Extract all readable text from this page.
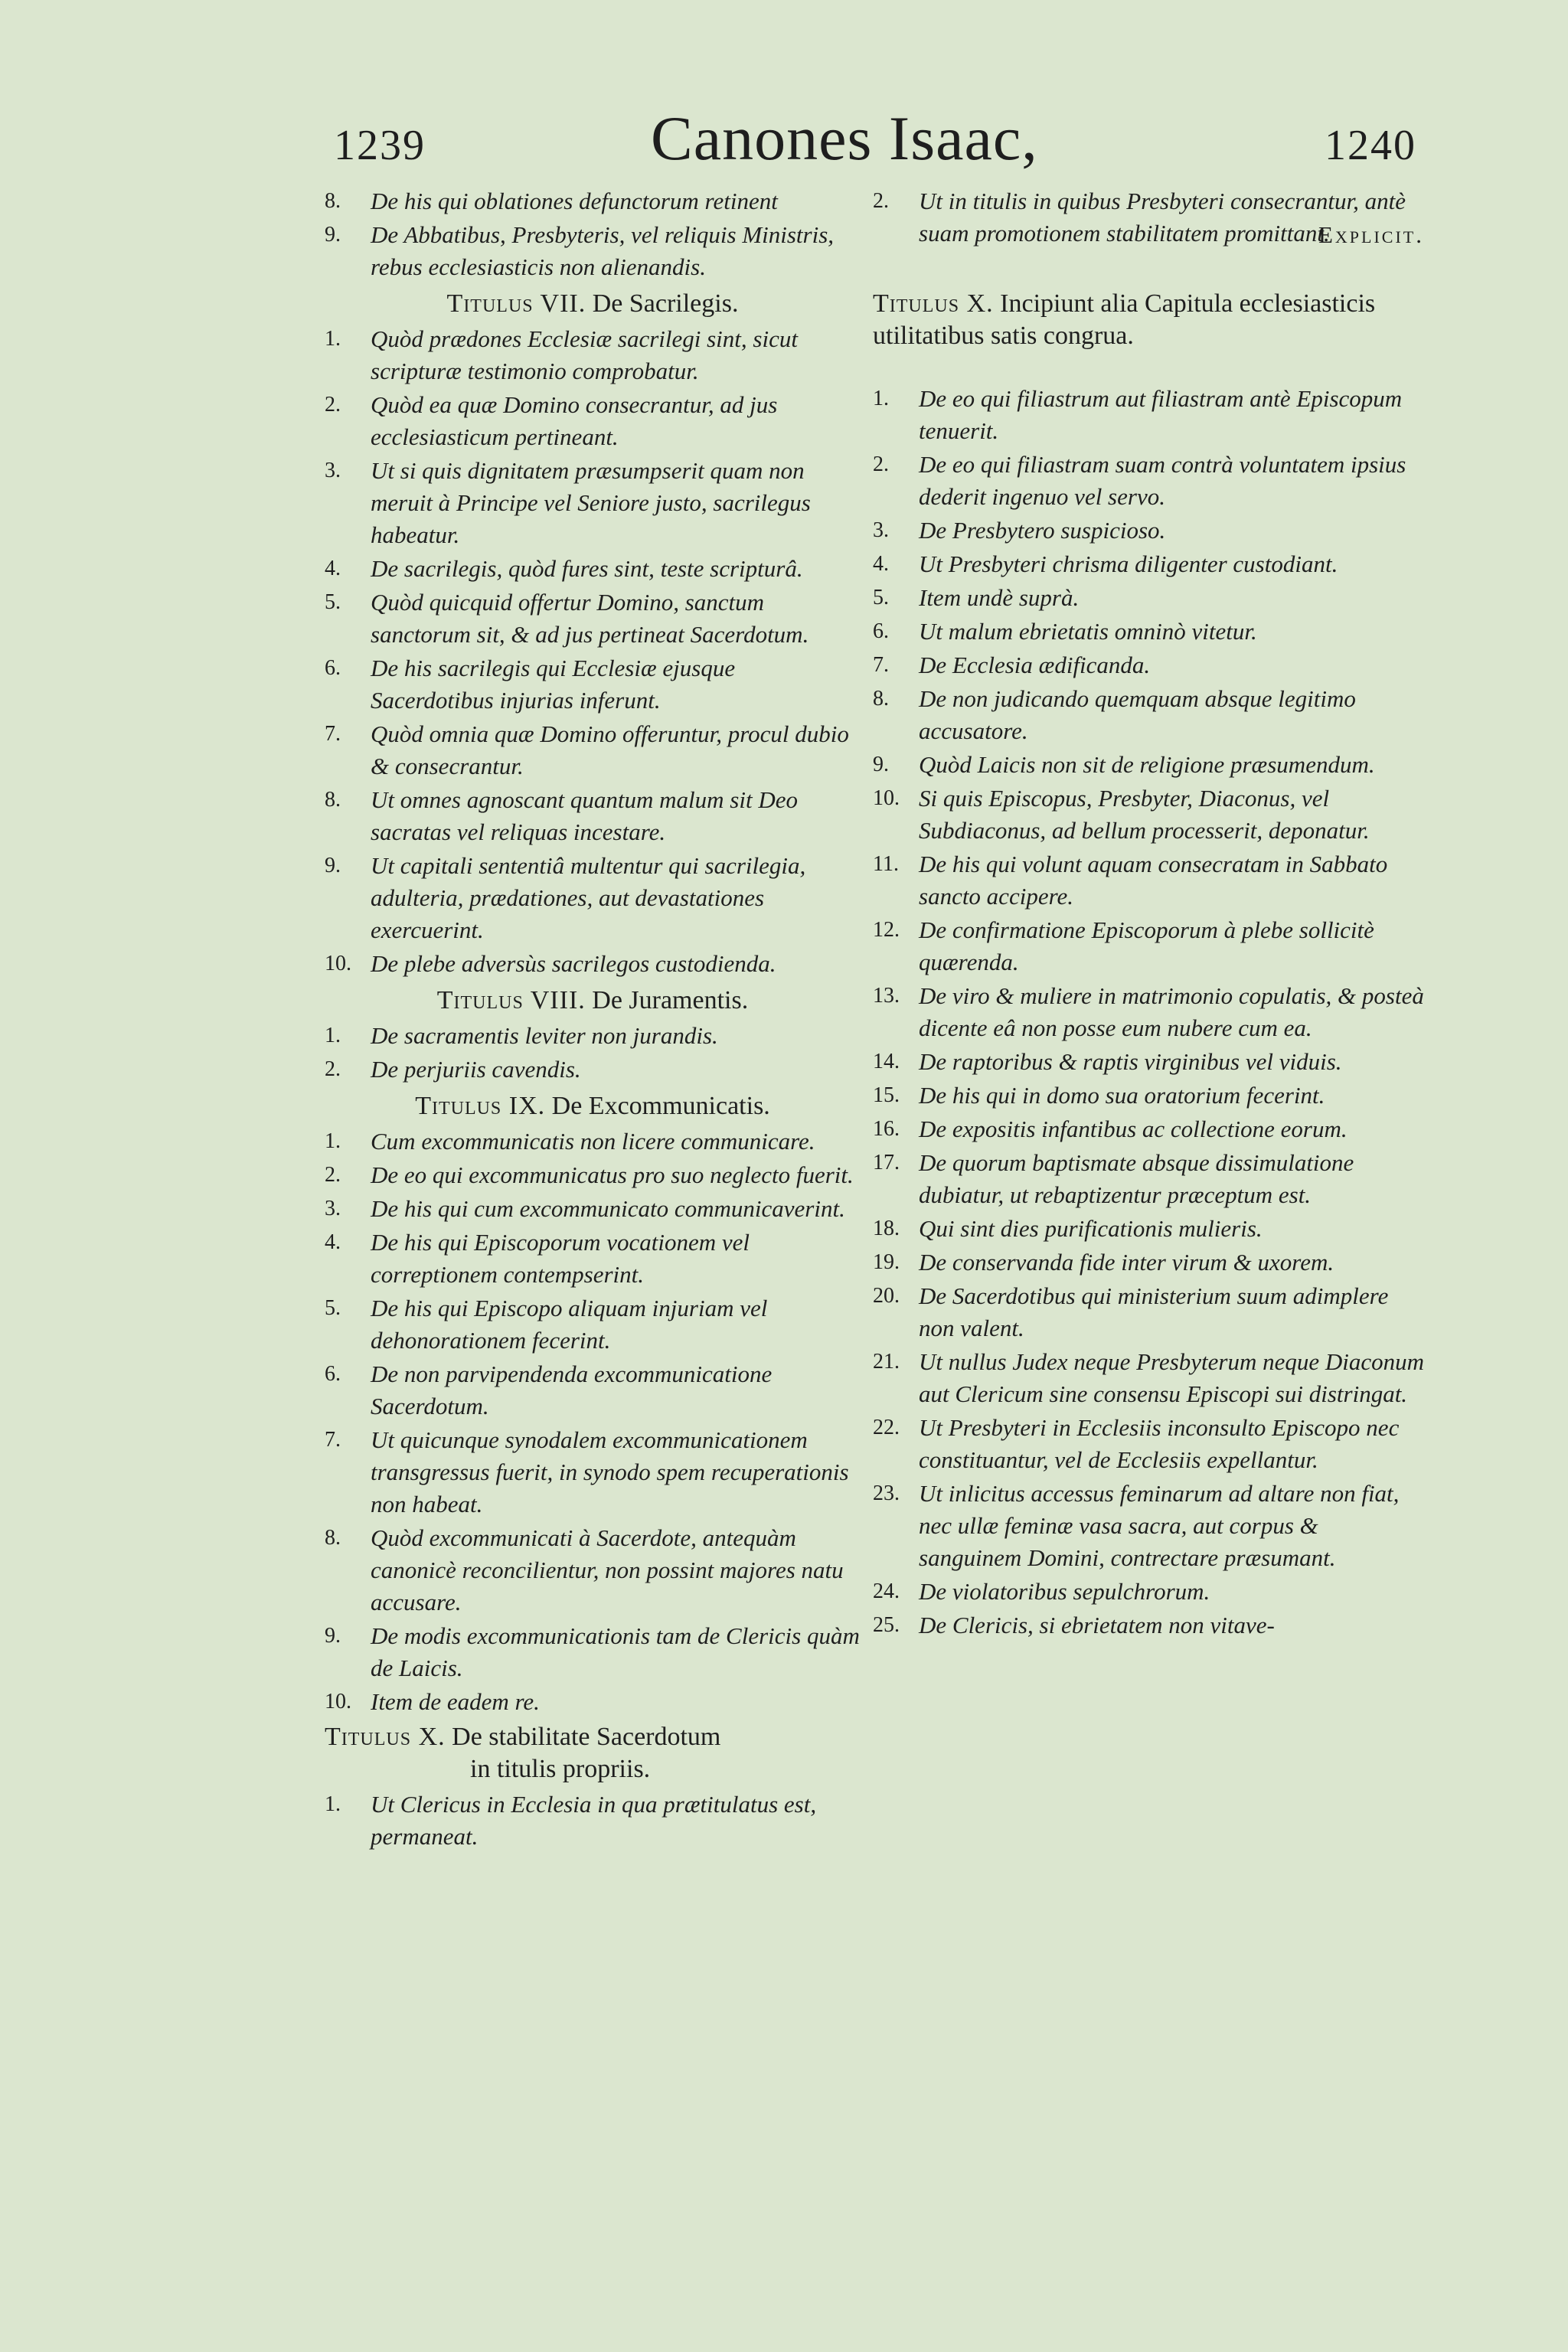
1239	Canones Isaac,	1240
8. De his qui oblationes defunctorum retinent
9. De Abbatibus, Presbyteris, vel reliquis Ministris, rebus ecclesiasticis non alienandis.
Titulus VII. De Sacrilegis.
1. Quòd prædones Ecclesiæ sacrilegi sint, sicut scripturæ testimonio comprobatur.
2. Quòd ea quæ Domino consecrantur, ad jus ecclesiasticum pertineant.
3. Ut si quis dignitatem præsumpserit quam non meruit à Principe vel Seniore justo, sacrilegus habeatur.
4. De sacrilegis, quòd fures sint, teste scripturâ.
5. Quòd quicquid offertur Domino, sanctum sanctorum sit, & ad jus pertineat Sacerdotum.
6. De his sacrilegis qui Ecclesiæ ejusque Sacerdotibus injurias inferunt.
7. Quòd omnia quæ Domino offeruntur, procul dubio & consecrantur.
8. Ut omnes agnoscant quantum malum sit Deo sacratas vel reliquas incestare.
9. Ut capitali sententiâ multentur qui sacrilegia, adulteria, prædationes, aut devastationes exercuerint.
10. De plebe adversùs sacrilegos custodienda.
Titulus VIII. De Juramentis.
1. De sacramentis leviter non jurandis.
2. De perjuriis cavendis.
Titulus IX. De Excommunicatis.
1. Cum excommunicatis non licere communicare.
2. De eo qui excommunicatus pro suo neglecto fuerit.
3. De his qui cum excommunicato communicaverint.
4. De his qui Episcoporum vocationem vel correptionem contempserint.
5. De his qui Episcopo aliquam injuriam vel dehonorationem fecerint.
6. De non parvipendenda excommunicatione Sacerdotum.
7. Ut quicunque synodalem excommunicationem transgressus fuerit, in synodo spem recuperationis non habeat.
8. Quòd excommunicati à Sacerdote, antequàm canonicè reconcilientur, non possint majores natu accusare.
9. De modis excommunicationis tam de Clericis quàm de Laicis.
10. Item de eadem re.
Titulus X. De stabilitate Sacerdotum
in titulis propriis.
1. Ut Clericus in Ecclesia in qua prætitulatus est, permaneat.
2. Ut in titulis in quibus Presbyteri consecrantur, antè suam promotionem stabilitatem promittant.
Explicit.
Titulus X. Incipiunt alia Capitula ecclesiasticis utilitatibus satis congrua.
1. De eo qui filiastrum aut filiastram antè Episcopum tenuerit.
2. De eo qui filiastram suam contrà voluntatem ipsius dederit ingenuo vel servo.
3. De Presbytero suspicioso.
4. Ut Presbyteri chrisma diligenter custodiant.
5. Item undè suprà.
6. Ut malum ebrietatis omninò vitetur.
7. De Ecclesia ædificanda.
8. De non judicando quemquam absque legitimo accusatore.
9. Quòd Laicis non sit de religione præsumendum.
10. Si quis Episcopus, Presbyter, Diaconus, vel Subdiaconus, ad bellum processerit, deponatur.
11. De his qui volunt aquam consecratam in Sabbato sancto accipere.
12. De confirmatione Episcoporum à plebe sollicitè quærenda.
13. De viro & muliere in matrimonio copulatis, & posteà dicente eâ non posse eum nubere cum ea.
14. De raptoribus & raptis virginibus vel viduis.
15. De his qui in domo sua oratorium fecerint.
16. De expositis infantibus ac collectione eorum.
17. De quorum baptismate absque dissimulatione dubiatur, ut rebaptizentur præceptum est.
18. Qui sint dies purificationis mulieris.
19. De conservanda fide inter virum & uxorem.
20. De Sacerdotibus qui ministerium suum adimplere non valent.
21. Ut nullus Judex neque Presbyterum neque Diaconum aut Clericum sine consensu Episcopi sui distringat.
22. Ut Presbyteri in Ecclesiis inconsulto Episcopo nec constituantur, vel de Ecclesiis expellantur.
23. Ut inlicitus accessus feminarum ad altare non fiat, nec ullæ feminæ vasa sacra, aut corpus & sanguinem Domini, contrectare præsumant.
24. De violatoribus sepulchrorum.
25. De Clericis, si ebrietatem non vitave-
